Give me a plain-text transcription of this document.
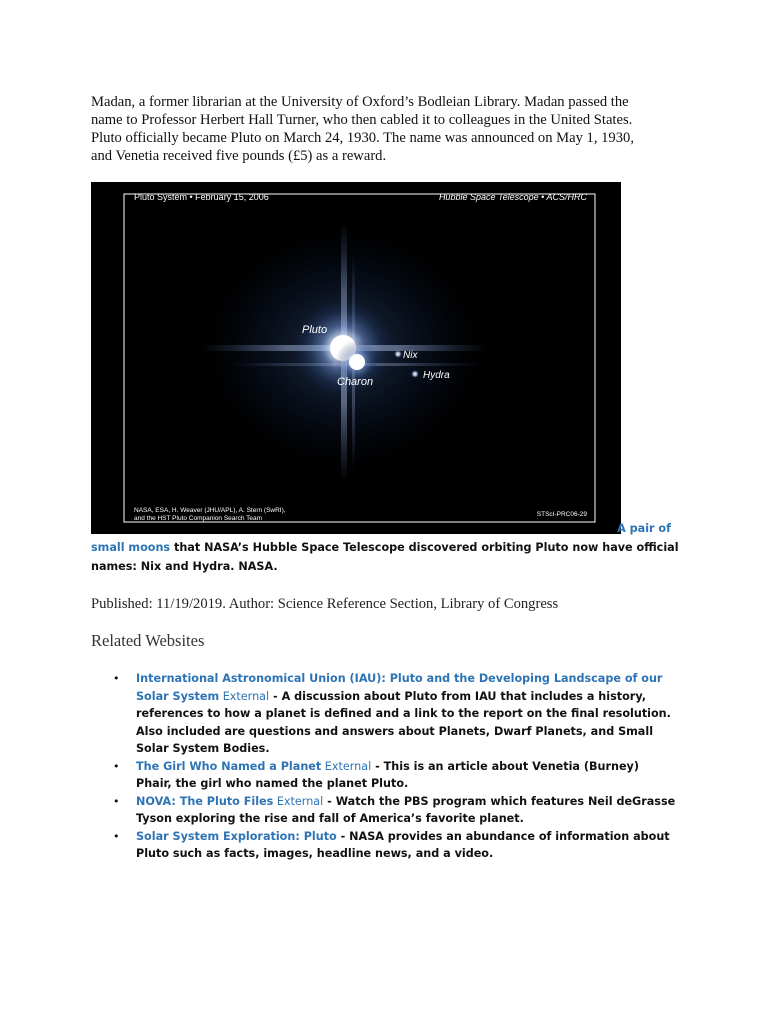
Madan, a former librarian at the University of Oxford’s Bodleian Library. Madan passed the

name to Professor Herbert Hall Turner, who then cabled it to colleagues in the United States.

Pluto officially became Pluto on March 24, 1930. The name was announced on May 1, 1930,

and Venetia received five pounds (£5) as a reward.

Pluto System • February 15, 2006	Hubble Space Telescope • ACS/HRC
Pluto
Charon
Nix
Hydra
NASA, ESA, H. Weaver (JHU/APL), A. Stern (SwRI),
and the HST Pluto Companion Search Team
STScI-PRC06-29
A pair of
small moons that NASA’s Hubble Space Telescope discovered orbiting Pluto now have official names: Nix and Hydra. NASA.
Published: 11/19/2019. Author: Science Reference Section, Library of Congress
Related Websites
• International Astronomical Union (IAU): Pluto and the Developing Landscape of our Solar System External - A discussion about Pluto from IAU that includes a history, references to how a planet is defined and a link to the report on the final resolution. Also included are questions and answers about Planets, Dwarf Planets, and Small Solar System Bodies.
• The Girl Who Named a Planet External - This is an article about Venetia (Burney) Phair, the girl who named the planet Pluto.
• NOVA: The Pluto Files External - Watch the PBS program which features Neil deGrasse Tyson exploring the rise and fall of America’s favorite planet.
• Solar System Exploration: Pluto - NASA provides an abundance of information about Pluto such as facts, images, headline news, and a video.
